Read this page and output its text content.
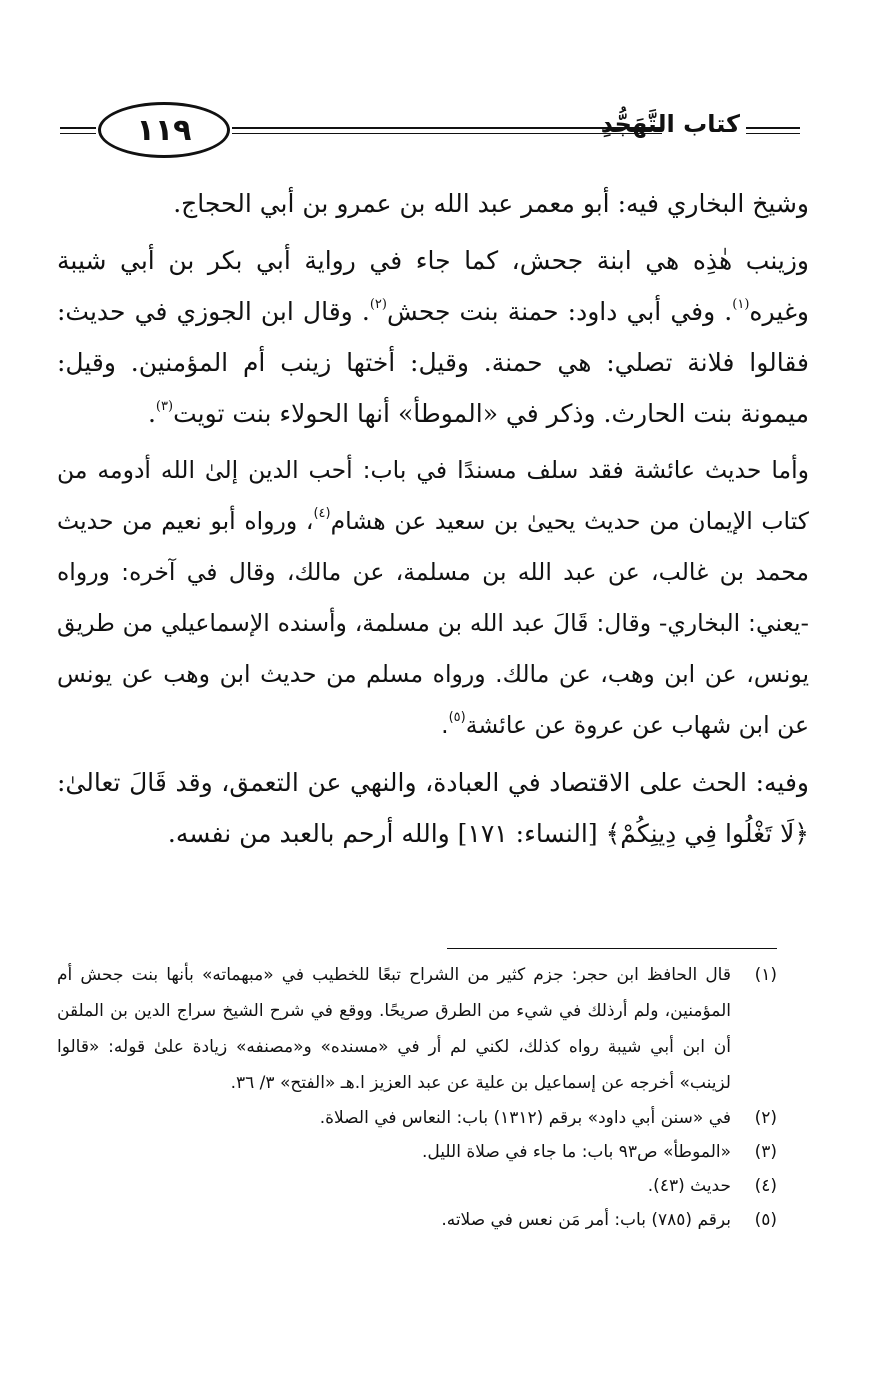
١١٩	كتاب التَّهَجُّدِ

وشيخ البخاري فيه: أبو معمر عبد الله بن عمرو بن أبي الحجاج.

وزينب هٰذِه هي ابنة جحش، كما جاء في رواية أبي بكر بن أبي شيبة وغيره$^{(١)}$. وفي أبي داود: حمنة بنت جحش$^{(٢)}$. وقال ابن الجوزي في حديث: فقالوا فلانة تصلي: هي حمنة. وقيل: أختها زينب أم المؤمنين. وقيل: ميمونة بنت الحارث. وذكر في «الموطأ» أنها الحولاء بنت تويت$^{(٣)}$.

وأما حديث عائشة فقد سلف مسندًا في باب: أحب الدين إلىٰ الله أدومه من كتاب الإيمان من حديث يحيىٰ بن سعيد عن هشام$^{(٤)}$، ورواه أبو نعيم من حديث محمد بن غالب، عن عبد الله بن مسلمة، عن مالك، وقال في آخره: ورواه -يعني: البخاري- وقال: قَالَ عبد الله بن مسلمة، وأسنده الإسماعيلي من طريق يونس، عن ابن وهب، عن مالك. ورواه مسلم من حديث ابن وهب عن يونس عن ابن شهاب عن عروة عن عائشة$^{(٥)}$.

وفيه: الحث على الاقتصاد في العبادة، والنهي عن التعمق، وقد قَالَ تعالىٰ: ﴿لَا تَغْلُوا فِي دِينِكُمْ﴾ [النساء: ١٧١] والله أرحم بالعبد من نفسه.

(١)
قال الحافظ ابن حجر: جزم كثير من الشراح تبعًا للخطيب في «مبهماته» بأنها بنت جحش أم المؤمنين، ولم أرذلك في شيء من الطرق صريحًا. ووقع في شرح الشيخ سراج الدين بن الملقن أن ابن أبي شيبة رواه كذلك، لكني لم أر في «مسنده» و«مصنفه» زيادة علىٰ قوله: «قالوا لزينب» أخرجه عن إسماعيل بن علية عن عبد العزيز ا.هـ «الفتح» ٣/ ٣٦.
(٢)
في «سنن أبي داود» برقم (١٣١٢) باب: النعاس في الصلاة.
(٣)
«الموطأ» ص٩٣ باب: ما جاء في صلاة الليل.
(٤)
حديث (٤٣).
(٥)
برقم (٧٨٥) باب: أمر مَن نعس في صلاته.
